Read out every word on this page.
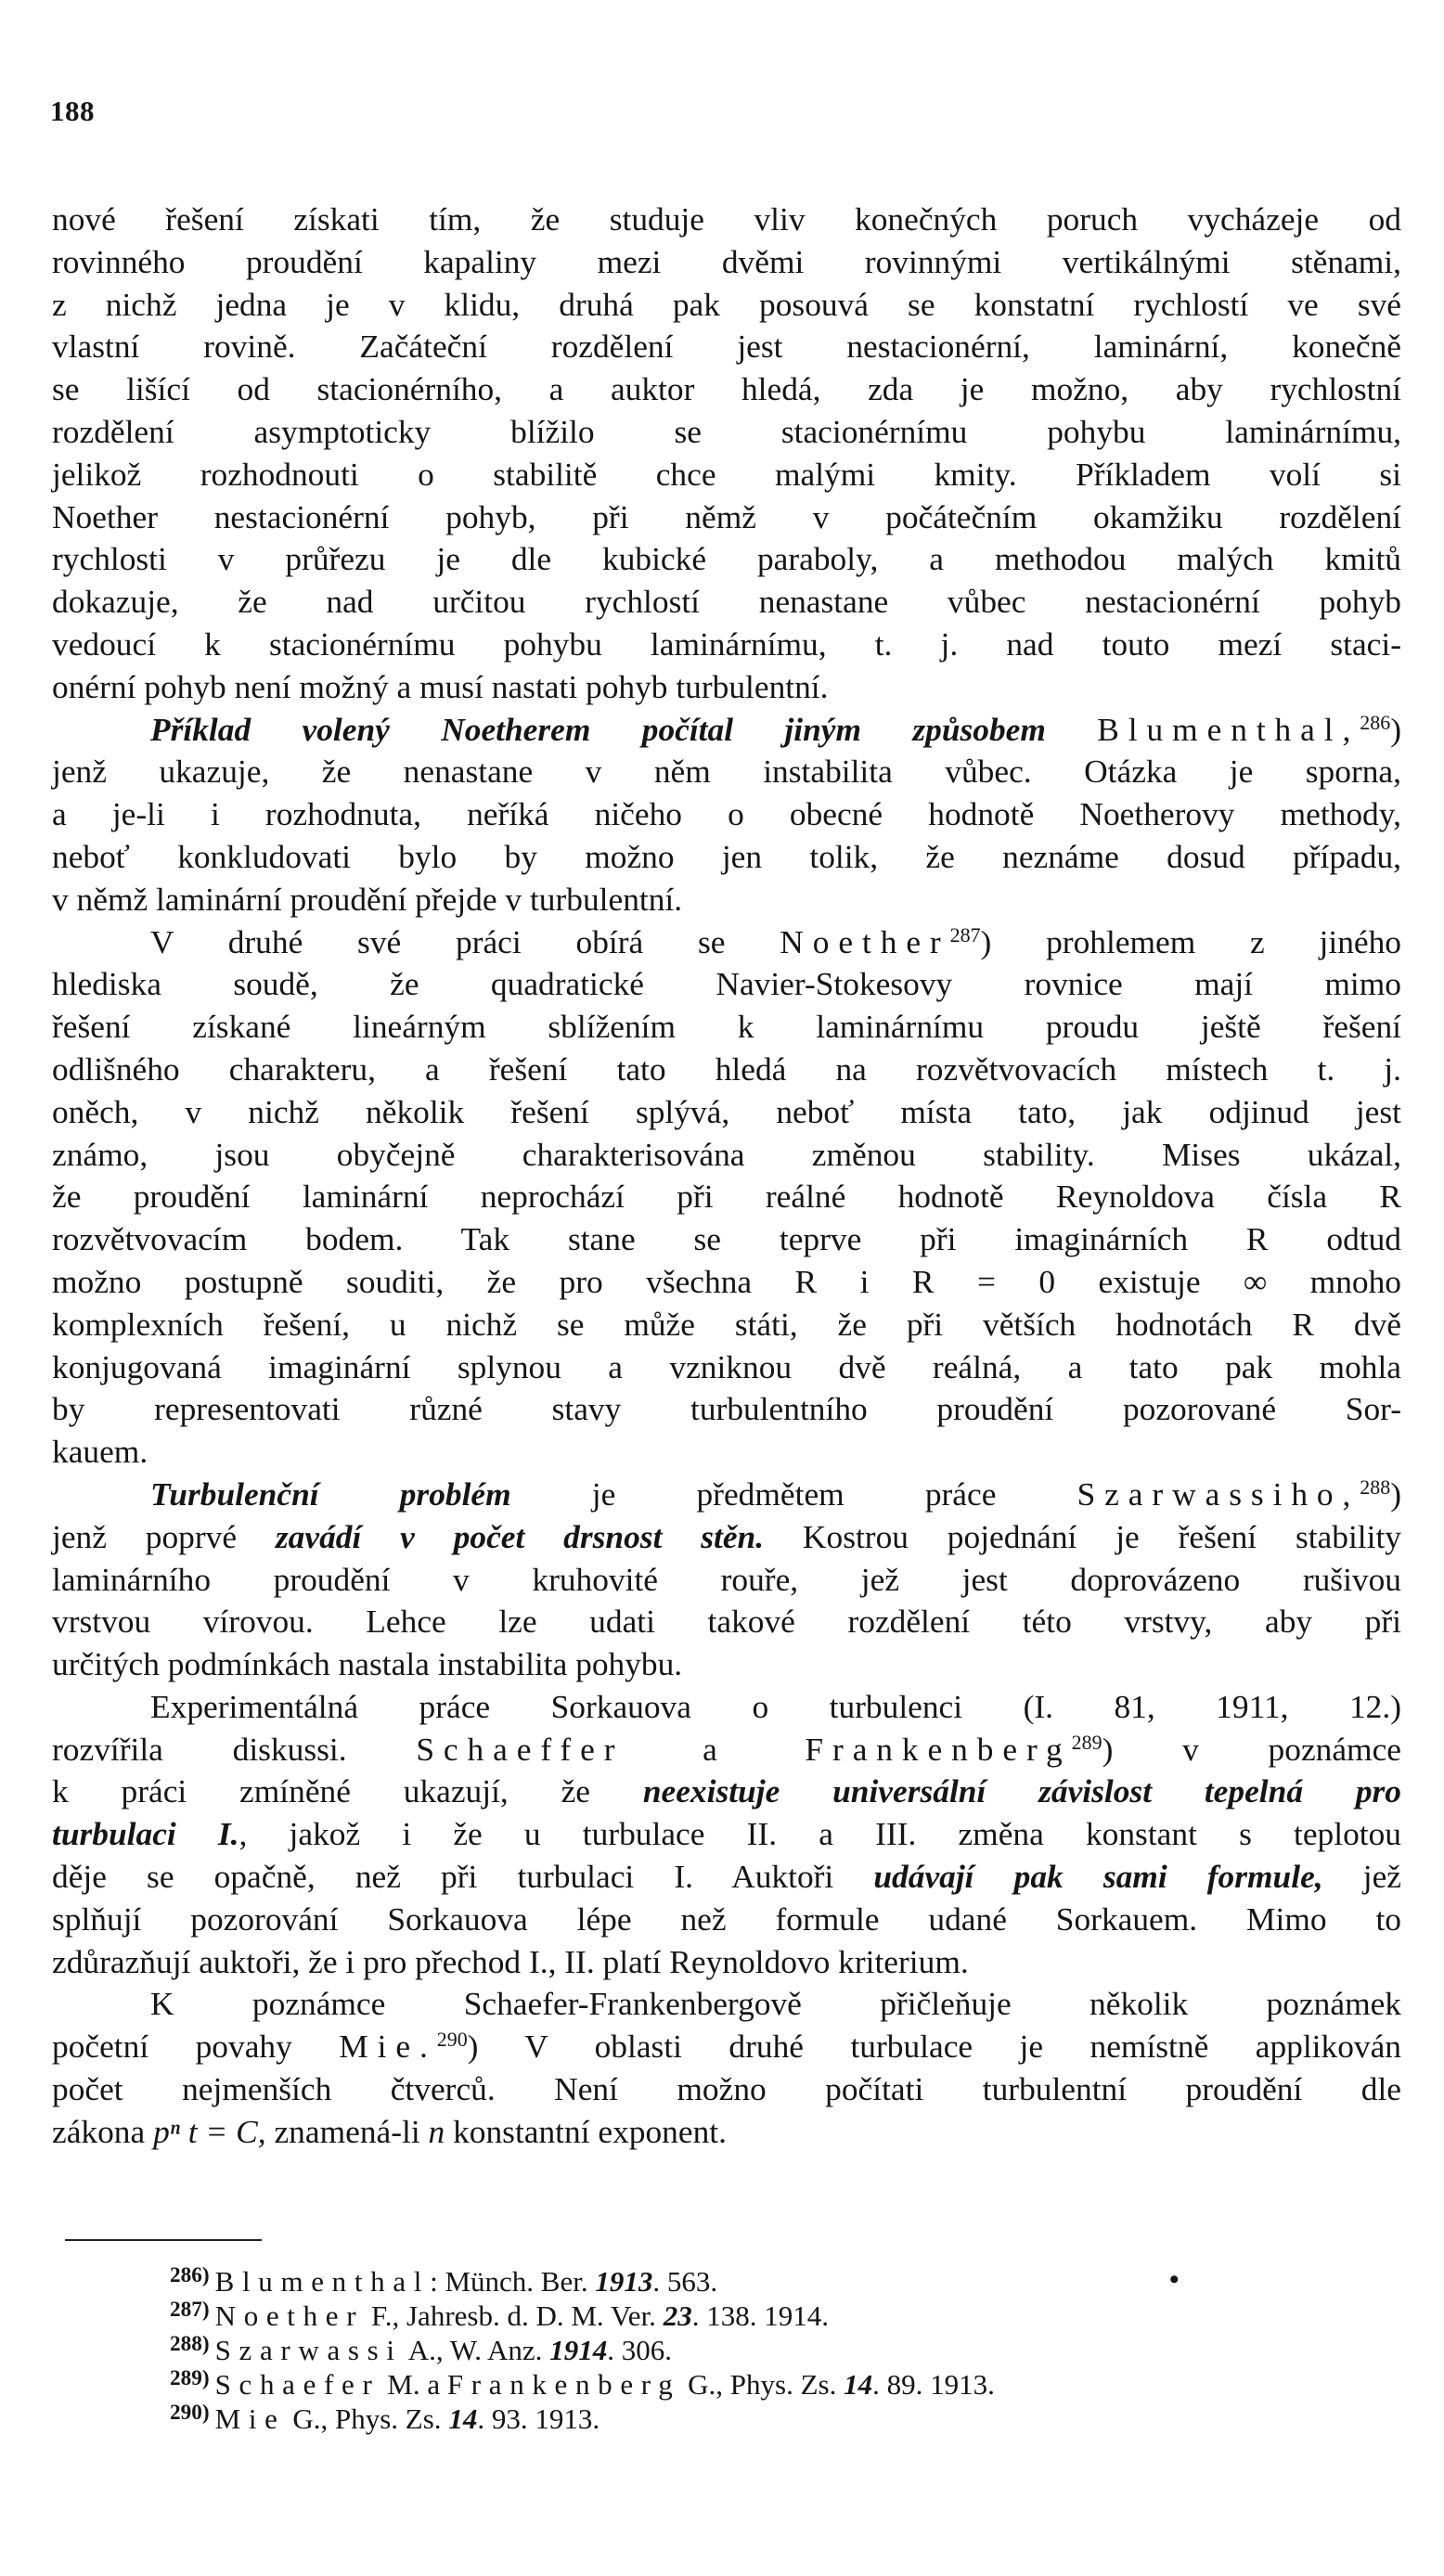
188
nové řešení získati tím, že studuje vliv konečných poruch vycházeje od
rovinného proudění kapaliny mezi dvěmi rovinnými vertikálnými stěnami,
z nichž jedna je v klidu, druhá pak posouvá se konstatní rychlostí ve své
vlastní rovině. Začáteční rozdělení jest nestacionérní, laminární, konečně
se lišící od stacionérního, a auktor hledá, zda je možno, aby rychlostní
rozdělení asymptoticky blížilo se stacionérnímu pohybu laminárnímu,
jelikož rozhodnouti o stabilitě chce malými kmity. Příkladem volí si
Noether nestacionérní pohyb, při němž v počátečním okamžiku rozdělení
rychlosti v průřezu je dle kubické paraboly, a methodou malých kmitů
dokazuje, že nad určitou rychlostí nenastane vůbec nestacionérní pohyb
vedoucí k stacionérnímu pohybu laminárnímu, t. j. nad touto mezí staci-
onérní pohyb není možný a musí nastati pohyb turbulentní.
Příklad volený Noetherem počítal jiným způsobem Blumenthal,$^{286}$)
jenž ukazuje, že nenastane v něm instabilita vůbec. Otázka je sporna,
a je-li i rozhodnuta, neříká ničeho o obecné hodnotě Noetherovy methody,
neboť konkludovati bylo by možno jen tolik, že neznáme dosud případu,
v němž laminární proudění přejde v turbulentní.
V druhé své práci obírá se Noether$^{287}$) prohlemem z jiného
hlediska soudě, že quadratické Navier-Stokesovy rovnice mají mimo
řešení získané lineárným sblížením k laminárnímu proudu ještě řešení
odlišného charakteru, a řešení tato hledá na rozvětvovacích místech t. j.
oněch, v nichž několik řešení splývá, neboť místa tato, jak odjinud jest
známo, jsou obyčejně charakterisována změnou stability. Mises ukázal,
že proudění laminární neprochází při reálné hodnotě Reynoldova čísla R
rozvětvovacím bodem. Tak stane se teprve při imaginárních R odtud
možno postupně souditi, že pro všechna R i R = 0 existuje ∞ mnoho
komplexních řešení, u nichž se může státi, že při větších hodnotách R dvě
konjugovaná imaginární splynou a vzniknou dvě reálná, a tato pak mohla
by representovati různé stavy turbulentního proudění pozorované Sor-
kauem.
Turbulenční problém je předmětem práce Szarwassiho,$^{288}$)
jenž poprvé zavádí v počet drsnost stěn. Kostrou pojednání je řešení stability
laminárního proudění v kruhovité rouře, jež jest doprovázeno rušivou
vrstvou vírovou. Lehce lze udati takové rozdělení této vrstvy, aby při
určitých podmínkách nastala instabilita pohybu.
Experimentálná práce Sorkauova o turbulenci (I. 81, 1911, 12.)
rozvířila diskussi. Schaeffer a Frankenberg$^{289}$) v poznámce
k práci zmíněné ukazují, že neexistuje universální závislost tepelná pro
turbulaci I., jakož i že u turbulace II. a III. změna konstant s teplotou
děje se opačně, než při turbulaci I. Auktoři udávají pak sami formule, jež
splňují pozorování Sorkauova lépe než formule udané Sorkauem. Mimo to
zdůrazňují auktoři, že i pro přechod I., II. platí Reynoldovo kriterium.
K poznámce Schaefer-Frankenbergově přičleňuje několik poznámek
početní povahy Mie.$^{290}$) V oblasti druhé turbulace je nemístně applikován
počet nejmenších čtverců. Není možno počítati turbulentní proudění dle
zákona pⁿ t = C, znamená-li n konstantní exponent.
$^{286)}$ Blumenthal: Münch. Ber. 1913. 563.
$^{287)}$ Noether F., Jahresb. d. D. M. Ver. 23. 138. 1914.
$^{288)}$ Szarwassi A., W. Anz. 1914. 306.
$^{289)}$ Schaefer M. a Frankenberg G., Phys. Zs. 14. 89. 1913.
$^{290)}$ Mie G., Phys. Zs. 14. 93. 1913.
•
